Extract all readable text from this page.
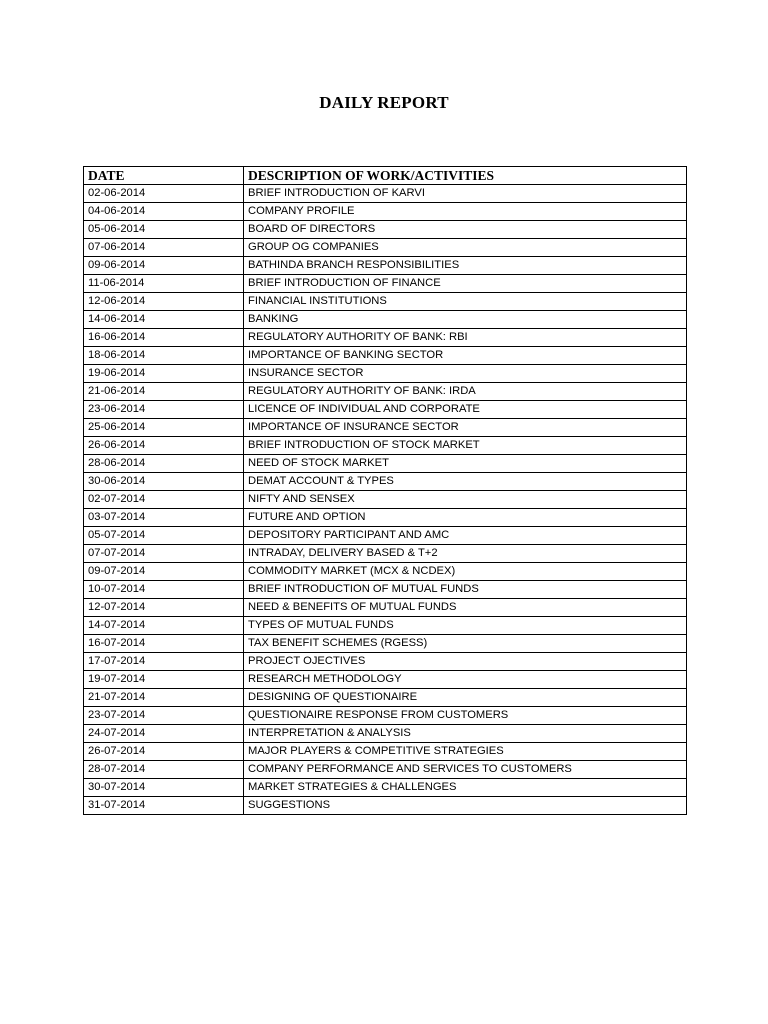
DAILY REPORT
DATE	DESCRIPTION OF WORK/ACTIVITIES
02-06-2014	BRIEF INTRODUCTION OF KARVI
04-06-2014	COMPANY PROFILE
05-06-2014	BOARD OF DIRECTORS
07-06-2014	GROUP OG COMPANIES
09-06-2014	BATHINDA BRANCH RESPONSIBILITIES
11-06-2014	BRIEF INTRODUCTION OF FINANCE
12-06-2014	FINANCIAL INSTITUTIONS
14-06-2014	BANKING
16-06-2014	REGULATORY AUTHORITY OF BANK: RBI
18-06-2014	IMPORTANCE OF BANKING SECTOR
19-06-2014	INSURANCE SECTOR
21-06-2014	REGULATORY AUTHORITY OF BANK: IRDA
23-06-2014	LICENCE OF INDIVIDUAL AND CORPORATE
25-06-2014	IMPORTANCE OF INSURANCE SECTOR
26-06-2014	BRIEF INTRODUCTION OF STOCK MARKET
28-06-2014	NEED OF STOCK MARKET
30-06-2014	DEMAT ACCOUNT & TYPES
02-07-2014	NIFTY AND SENSEX
03-07-2014	FUTURE AND OPTION
05-07-2014	DEPOSITORY PARTICIPANT AND AMC
07-07-2014	INTRADAY, DELIVERY BASED & T+2
09-07-2014	COMMODITY MARKET (MCX & NCDEX)
10-07-2014	BRIEF INTRODUCTION OF MUTUAL FUNDS
12-07-2014	NEED & BENEFITS OF MUTUAL FUNDS
14-07-2014	TYPES OF MUTUAL FUNDS
16-07-2014	TAX BENEFIT SCHEMES (RGESS)
17-07-2014	PROJECT OJECTIVES
19-07-2014	RESEARCH METHODOLOGY
21-07-2014	DESIGNING OF QUESTIONAIRE
23-07-2014	QUESTIONAIRE RESPONSE FROM CUSTOMERS
24-07-2014	INTERPRETATION & ANALYSIS
26-07-2014	MAJOR PLAYERS & COMPETITIVE STRATEGIES
28-07-2014	COMPANY PERFORMANCE AND SERVICES TO CUSTOMERS
30-07-2014	MARKET STRATEGIES & CHALLENGES
31-07-2014	SUGGESTIONS
